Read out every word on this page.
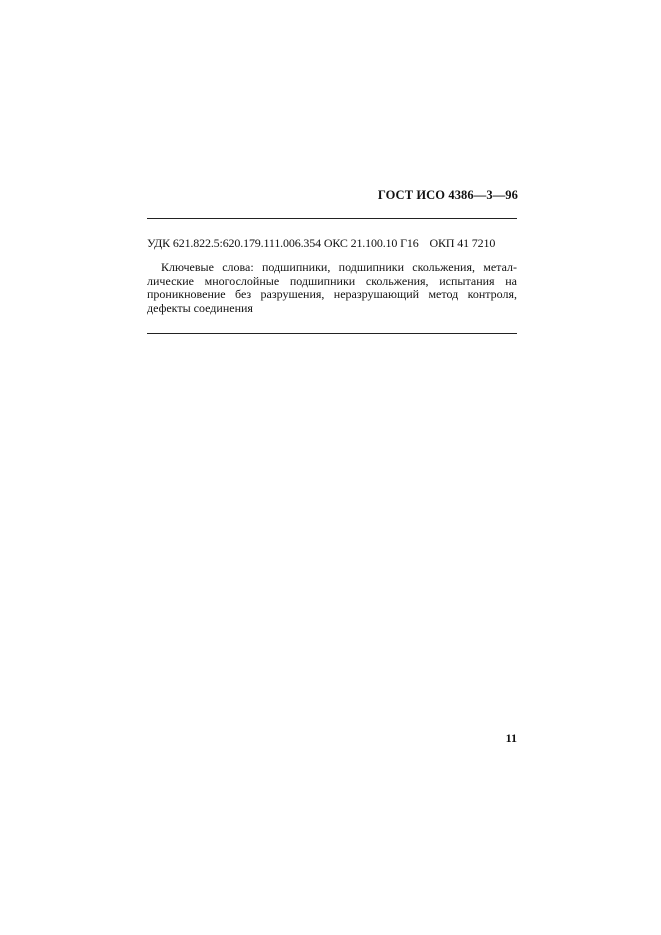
ГОСТ ИСО 4386—3—96
УДК 621.822.5:620.179.111.006.354 ОКС 21.100.10 Г16 ОКП 41 7210
Ключевые слова: подшипники, подшипники скольжения, метал-
лические многослойные подшипники скольжения, испытания на
проникновение без разрушения, неразрушающий метод контроля,
дефекты соединения
11
